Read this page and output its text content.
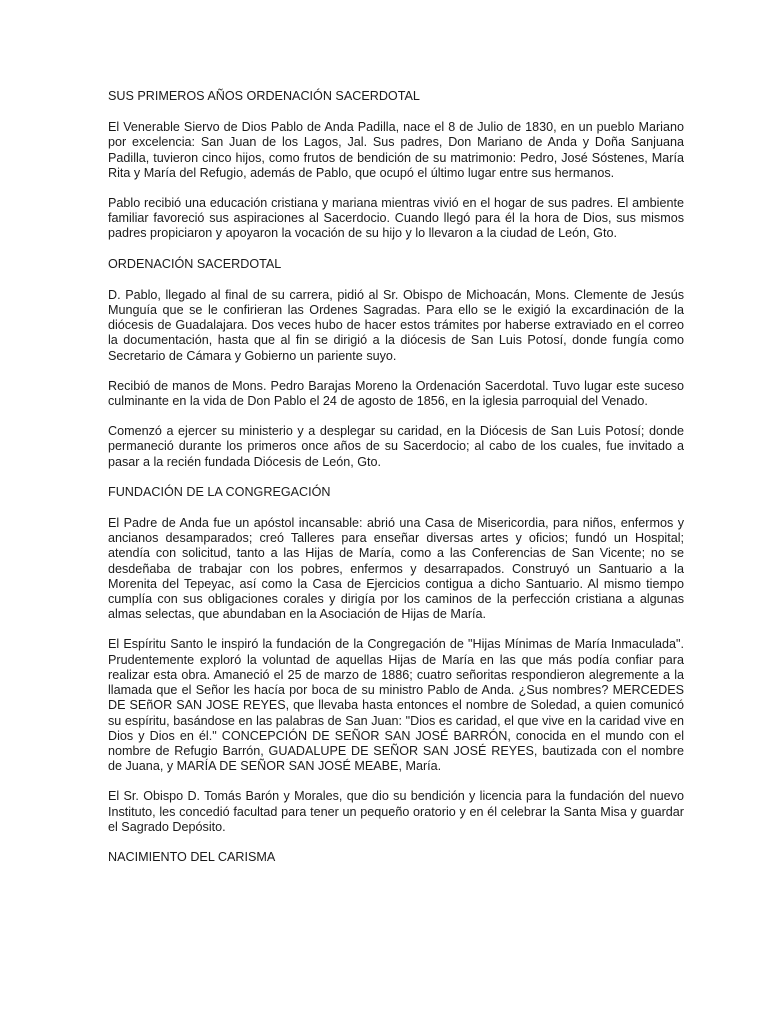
SUS PRIMEROS AÑOS ORDENACIÓN SACERDOTAL

El Venerable Siervo de Dios Pablo de Anda Padilla, nace el 8 de Julio de 1830, en un pueblo Mariano por excelencia: San Juan de los Lagos, Jal. Sus padres, Don Mariano de Anda y Doña Sanjuana Padilla, tuvieron cinco hijos, como frutos de bendición de su matrimonio: Pedro, José Sóstenes, María Rita y María del Refugio, además de Pablo, que ocupó el último lugar entre sus hermanos.

Pablo recibió una educación cristiana y mariana mientras vivió en el hogar de sus padres. El ambiente familiar favoreció sus aspiraciones al Sacerdocio. Cuando llegó para él la hora de Dios, sus mismos padres propiciaron y apoyaron la vocación de su hijo y lo llevaron a la ciudad de León, Gto.

ORDENACIÓN SACERDOTAL

D. Pablo, llegado al final de su carrera, pidió al Sr. Obispo de Michoacán, Mons. Clemente de Jesús Munguía que se le confirieran las Ordenes Sagradas. Para ello se le exigió la excardinación de la diócesis de Guadalajara. Dos veces hubo de hacer estos trámites por haberse extraviado en el correo la documentación, hasta que al fin se dirigió a la diócesis de San Luis Potosí, donde fungía como Secretario de Cámara y Gobierno un pariente suyo.

Recibió de manos de Mons. Pedro Barajas Moreno la Ordenación Sacerdotal. Tuvo lugar este suceso culminante en la vida de Don Pablo el 24 de agosto de 1856, en la iglesia parroquial del Venado.

Comenzó a ejercer su ministerio y a desplegar su caridad, en la Diócesis de San Luis Potosí; donde permaneció durante los primeros once años de su Sacerdocio; al cabo de los cuales, fue invitado a pasar a la recién fundada Diócesis de León, Gto.

FUNDACIÓN DE LA CONGREGACIÓN

El Padre de Anda fue un apóstol incansable: abrió una Casa de Misericordia, para niños, enfermos y ancianos desamparados; creó Talleres para enseñar diversas artes y oficios; fundó un Hospital; atendía con solicitud, tanto a las Hijas de María, como a las Conferencias de San Vicente; no se desdeñaba de trabajar con los pobres, enfermos y desarrapados. Construyó un Santuario a la Morenita del Tepeyac, así como la Casa de Ejercicios contigua a dicho Santuario. Al mismo tiempo cumplía con sus obligaciones corales y dirigía por los caminos de la perfección cristiana a algunas almas selectas, que abundaban en la Asociación de Hijas de María.

El Espíritu Santo le inspiró la fundación de la Congregación de "Hijas Mínimas de María Inmaculada". Prudentemente exploró la voluntad de aquellas Hijas de María en las que más podía confiar para realizar esta obra. Amaneció el 25 de marzo de 1886; cuatro señoritas respondieron alegremente a la llamada que el Señor les hacía por boca de su ministro Pablo de Anda. ¿Sus nombres? MERCEDES DE SEñOR SAN JOSE REYES, que llevaba hasta entonces el nombre de Soledad, a quien comunicó su espíritu, basándose en las palabras de San Juan: "Dios es caridad, el que vive en la caridad vive en Dios y Dios en él." CONCEPCIÓN DE SEÑOR SAN JOSÉ BARRÓN, conocida en el mundo con el nombre de Refugio Barrón, GUADALUPE DE SEÑOR SAN JOSÉ REYES, bautizada con el nombre de Juana, y MARÍA DE SEÑOR SAN JOSÉ MEABE, María.

El Sr. Obispo D. Tomás Barón y Morales, que dio su bendición y licencia para la fundación del nuevo Instituto, les concedió facultad para tener un pequeño oratorio y en él celebrar la Santa Misa y guardar el Sagrado Depósito.

NACIMIENTO DEL CARISMA
